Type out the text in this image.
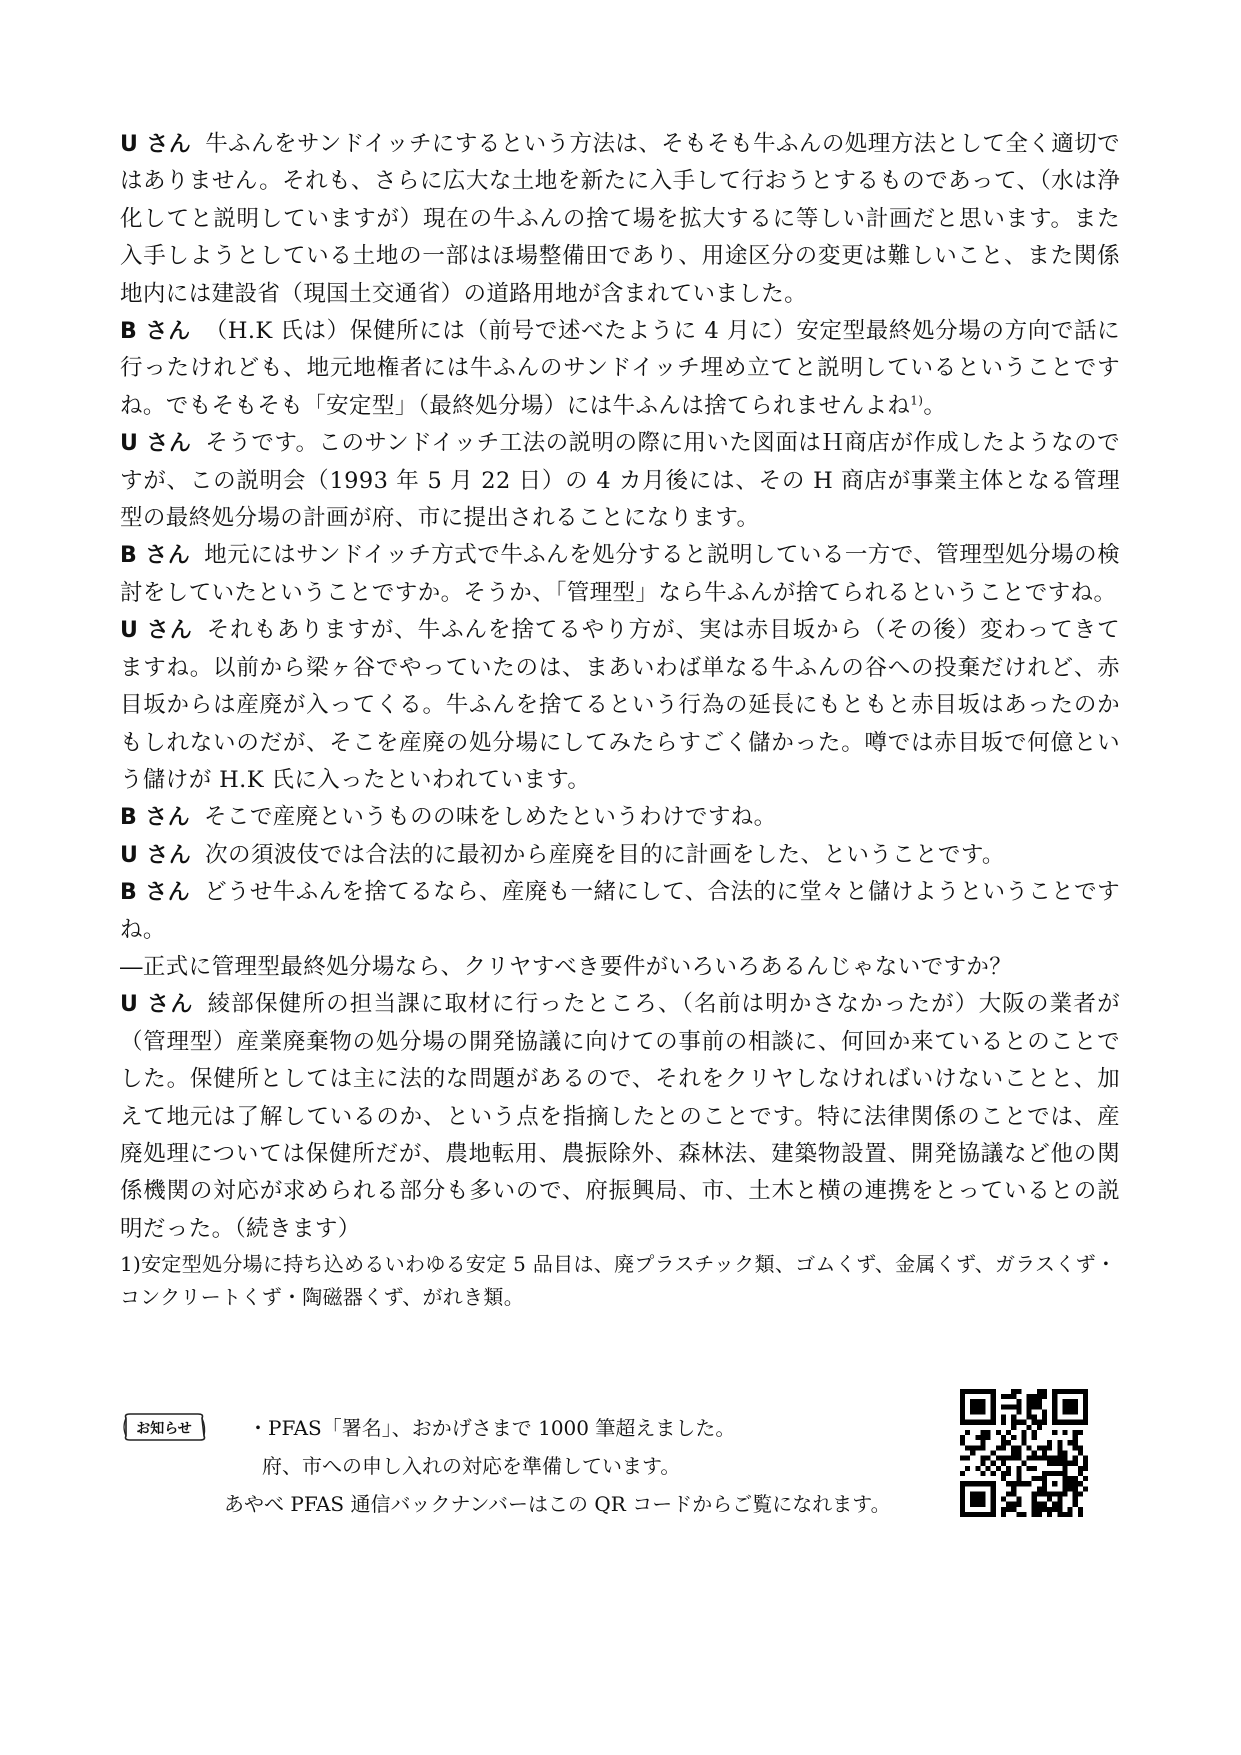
U さん 牛ふんをサンドイッチにするという方法は、そもそも牛ふんの処理方法として全く適切ではありません。それも、さらに広大な土地を新たに入手して行おうとするものであって、（水は浄化してと説明していますが）現在の牛ふんの捨て場を拡大するに等しい計画だと思います。また入手しようとしている土地の一部はほ場整備田であり、用途区分の変更は難しいこと、また関係地内には建設省（現国土交通省）の道路用地が含まれていました。

B さん （H.K 氏は）保健所には（前号で述べたように 4 月に）安定型最終処分場の方向で話に行ったけれども、地元地権者には牛ふんのサンドイッチ埋め立てと説明しているということですね。でもそもそも「安定型」（最終処分場）には牛ふんは捨てられませんよね$^{1)}$。

U さん そうです。このサンドイッチ工法の説明の際に用いた図面はＨ商店が作成したようなのですが、この説明会（1993 年 5 月 22 日）の 4 カ月後には、その H 商店が事業主体となる管理型の最終処分場の計画が府、市に提出されることになります。

B さん 地元にはサンドイッチ方式で牛ふんを処分すると説明している一方で、管理型処分場の検討をしていたということですか。そうか、「管理型」なら牛ふんが捨てられるということですね。

U さん それもありますが、牛ふんを捨てるやり方が、実は赤目坂から（その後）変わってきてますね。以前から梁ヶ谷でやっていたのは、まあいわば単なる牛ふんの谷への投棄だけれど、赤目坂からは産廃が入ってくる。牛ふんを捨てるという行為の延長にもともと赤目坂はあったのかもしれないのだが、そこを産廃の処分場にしてみたらすごく儲かった。噂では赤目坂で何億という儲けが H.K 氏に入ったといわれています。

B さん そこで産廃というものの味をしめたというわけですね。

U さん 次の須波伎では合法的に最初から産廃を目的に計画をした、ということです。

B さん どうせ牛ふんを捨てるなら、産廃も一緒にして、合法的に堂々と儲けようということですね。

―正式に管理型最終処分場なら、クリヤすべき要件がいろいろあるんじゃないですか？

U さん 綾部保健所の担当課に取材に行ったところ、（名前は明かさなかったが）大阪の業者が（管理型）産業廃棄物の処分場の開発協議に向けての事前の相談に、何回か来ているとのことでした。保健所としては主に法的な問題があるので、それをクリヤしなければいけないことと、加えて地元は了解しているのか、という点を指摘したとのことです。特に法律関係のことでは、産廃処理については保健所だが、農地転用、農振除外、森林法、建築物設置、開発協議など他の関係機関の対応が求められる部分も多いので、府振興局、市、土木と横の連携をとっているとの説明だった。（続きます）

1)安定型処分場に持ち込めるいわゆる安定 5 品目は、廃プラスチック類、ゴムくず、金属くず、ガラスくず・コンクリートくず・陶磁器くず、がれき類。

お知らせ	・PFAS「署名」、おかげさまで 1000 筆超えました。
府、市への申し入れの対応を準備しています。
あやべ PFAS 通信バックナンバーはこの QR コードからご覧になれます。
